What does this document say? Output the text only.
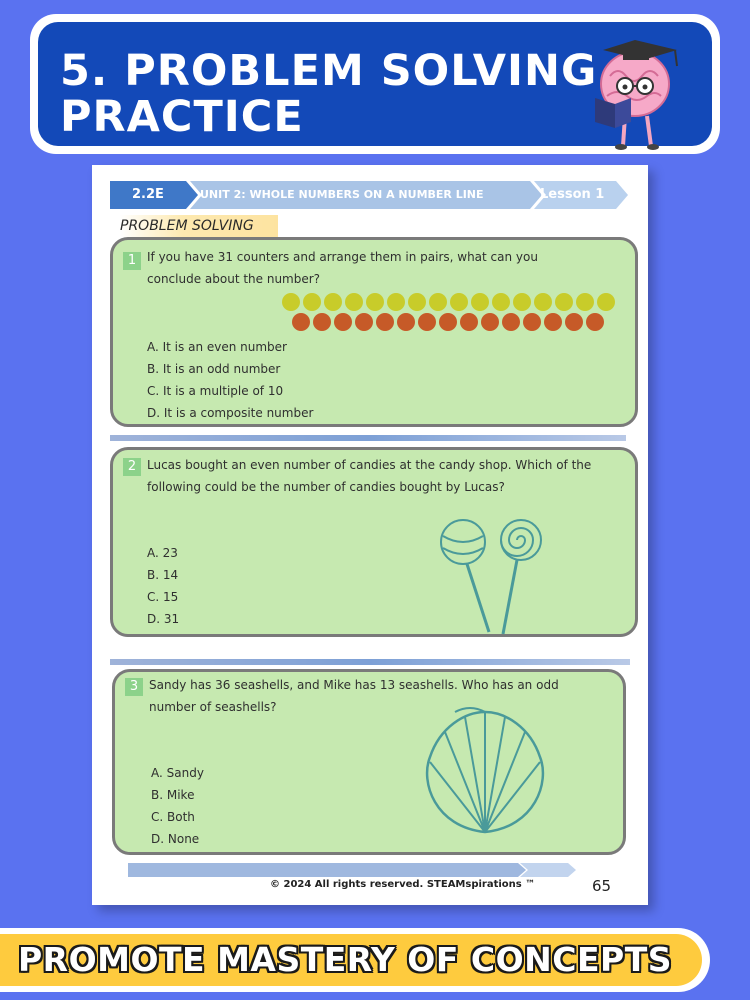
5. PROBLEM SOLVING PRACTICE
2.2E	UNIT 2: WHOLE NUMBERS ON A NUMBER LINE	Lesson 1
PROBLEM SOLVING
1 If you have 31 counters and arrange them in pairs, what can you conclude about the number?
A. It is an even number
B. It is an odd number
C. It is a multiple of 10
D. It is a composite number
2 Lucas bought an even number of candies at the candy shop. Which of the following could be the number of candies bought by Lucas?
A. 23
B. 14
C. 15
D. 31
3 Sandy has 36 seashells, and Mike has 13 seashells. Who has an odd number of seashells?
A. Sandy
B. Mike
C. Both
D. None
© 2024 All rights reserved. STEAMspirations ™	65
PROMOTE MASTERY OF CONCEPTS
